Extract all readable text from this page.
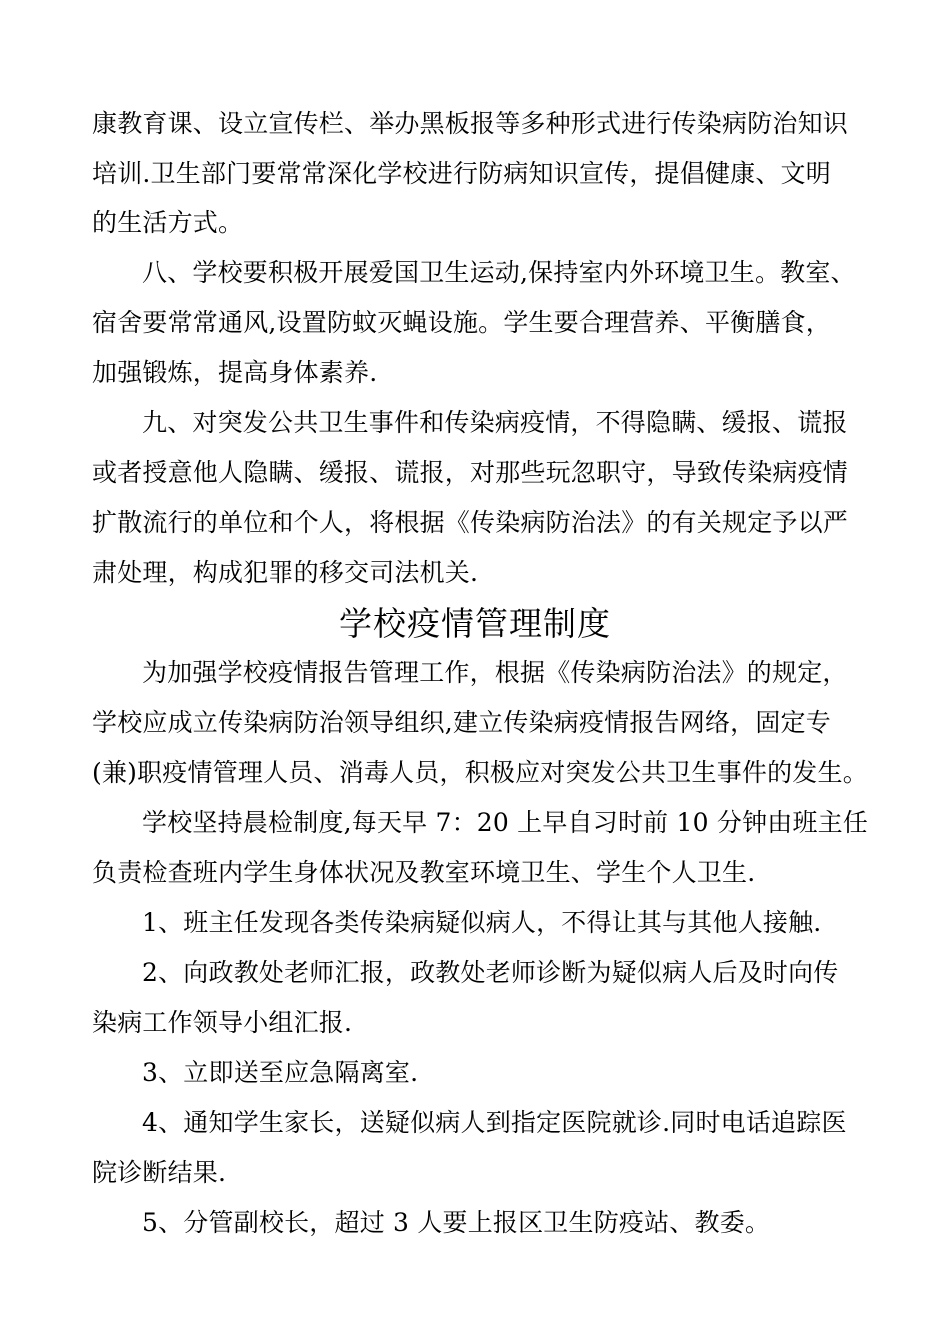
康教育课、设立宣传栏、举办黑板报等多种形式进行传染病防治知识
培训.卫生部门要常常深化学校进行防病知识宣传，提倡健康、文明
的生活方式。
八、学校要积极开展爱国卫生运动,保持室内外环境卫生。教室、
宿舍要常常通风,设置防蚊灭蝇设施。学生要合理营养、平衡膳食，
加强锻炼，提高身体素养.
九、对突发公共卫生事件和传染病疫情，不得隐瞒、缓报、谎报
或者授意他人隐瞒、缓报、谎报，对那些玩忽职守，导致传染病疫情
扩散流行的单位和个人，将根据《传染病防治法》的有关规定予以严
肃处理，构成犯罪的移交司法机关.
学校疫情管理制度
为加强学校疫情报告管理工作，根据《传染病防治法》的规定，
学校应成立传染病防治领导组织,建立传染病疫情报告网络，固定专
(兼)职疫情管理人员、消毒人员，积极应对突发公共卫生事件的发生。
学校坚持晨检制度,每天早 7：20 上早自习时前 10 分钟由班主任
负责检查班内学生身体状况及教室环境卫生、学生个人卫生.
1、班主任发现各类传染病疑似病人，不得让其与其他人接触.
2、向政教处老师汇报，政教处老师诊断为疑似病人后及时向传
染病工作领导小组汇报.
3、立即送至应急隔离室.
4、通知学生家长，送疑似病人到指定医院就诊.同时电话追踪医
院诊断结果.
5、分管副校长，超过 3 人要上报区卫生防疫站、教委。
